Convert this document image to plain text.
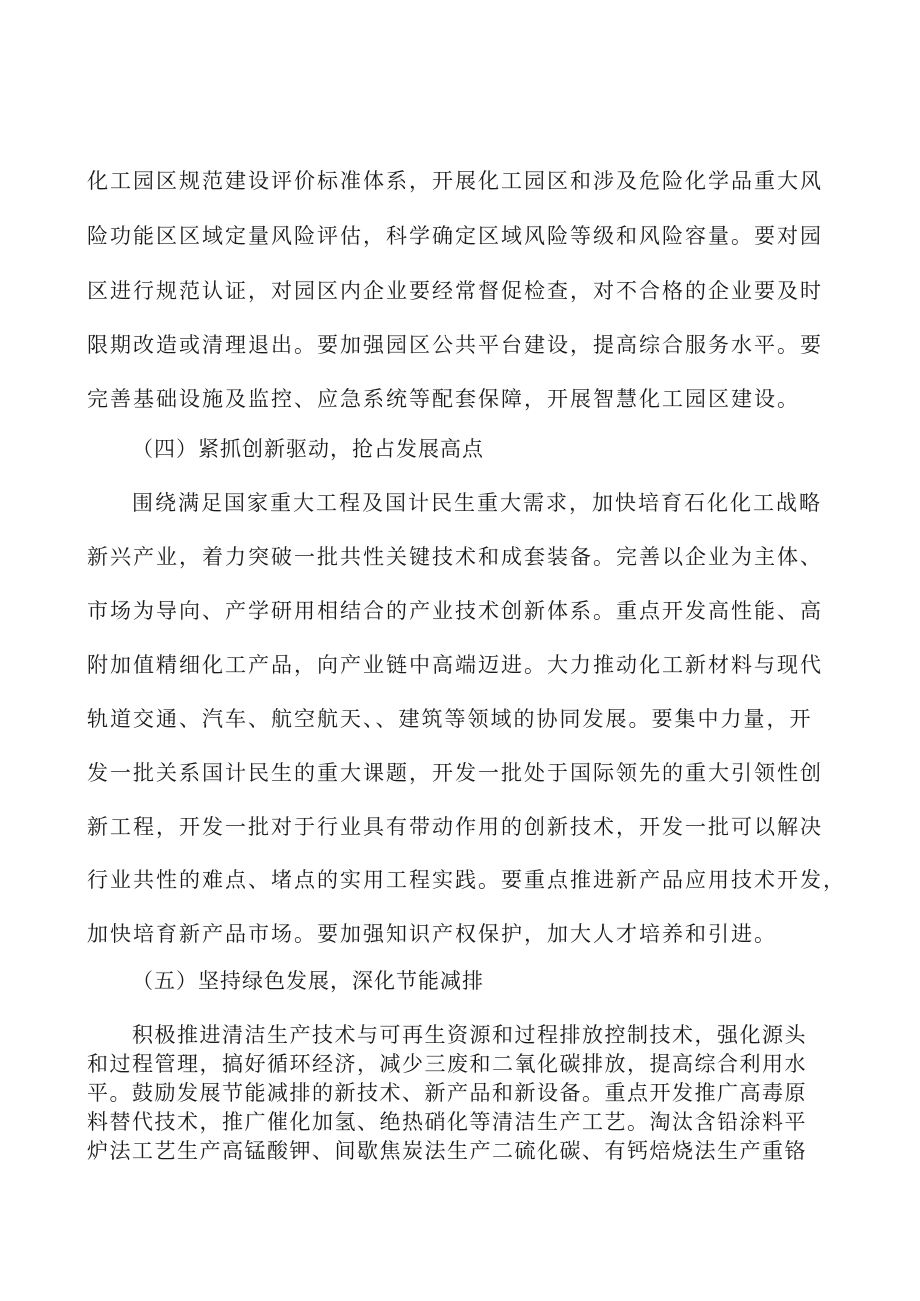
化工园区规范建设评价标准体系，开展化工园区和涉及危险化学品重大风
险功能区区域定量风险评估，科学确定区域风险等级和风险容量。要对园
区进行规范认证，对园区内企业要经常督促检查，对不合格的企业要及时
限期改造或清理退出。要加强园区公共平台建设，提高综合服务水平。要
完善基础设施及监控、应急系统等配套保障，开展智慧化工园区建设。
（四）紧抓创新驱动，抢占发展高点
围绕满足国家重大工程及国计民生重大需求，加快培育石化化工战略
新兴产业，着力突破一批共性关键技术和成套装备。完善以企业为主体、
市场为导向、产学研用相结合的产业技术创新体系。重点开发高性能、高
附加值精细化工产品，向产业链中高端迈进。大力推动化工新材料与现代
轨道交通、汽车、航空航天、、建筑等领域的协同发展。要集中力量，开
发一批关系国计民生的重大课题，开发一批处于国际领先的重大引领性创
新工程，开发一批对于行业具有带动作用的创新技术，开发一批可以解决
行业共性的难点、堵点的实用工程实践。要重点推进新产品应用技术开发，
加快培育新产品市场。要加强知识产权保护，加大人才培养和引进。
（五）坚持绿色发展，深化节能减排
积极推进清洁生产技术与可再生资源和过程排放控制技术，强化源头
和过程管理，搞好循环经济，减少三废和二氧化碳排放，提高综合利用水
平。鼓励发展节能减排的新技术、新产品和新设备。重点开发推广高毒原
料替代技术，推广催化加氢、绝热硝化等清洁生产工艺。淘汰含铅涂料平
炉法工艺生产高锰酸钾、间歇焦炭法生产二硫化碳、有钙焙烧法生产重铬
